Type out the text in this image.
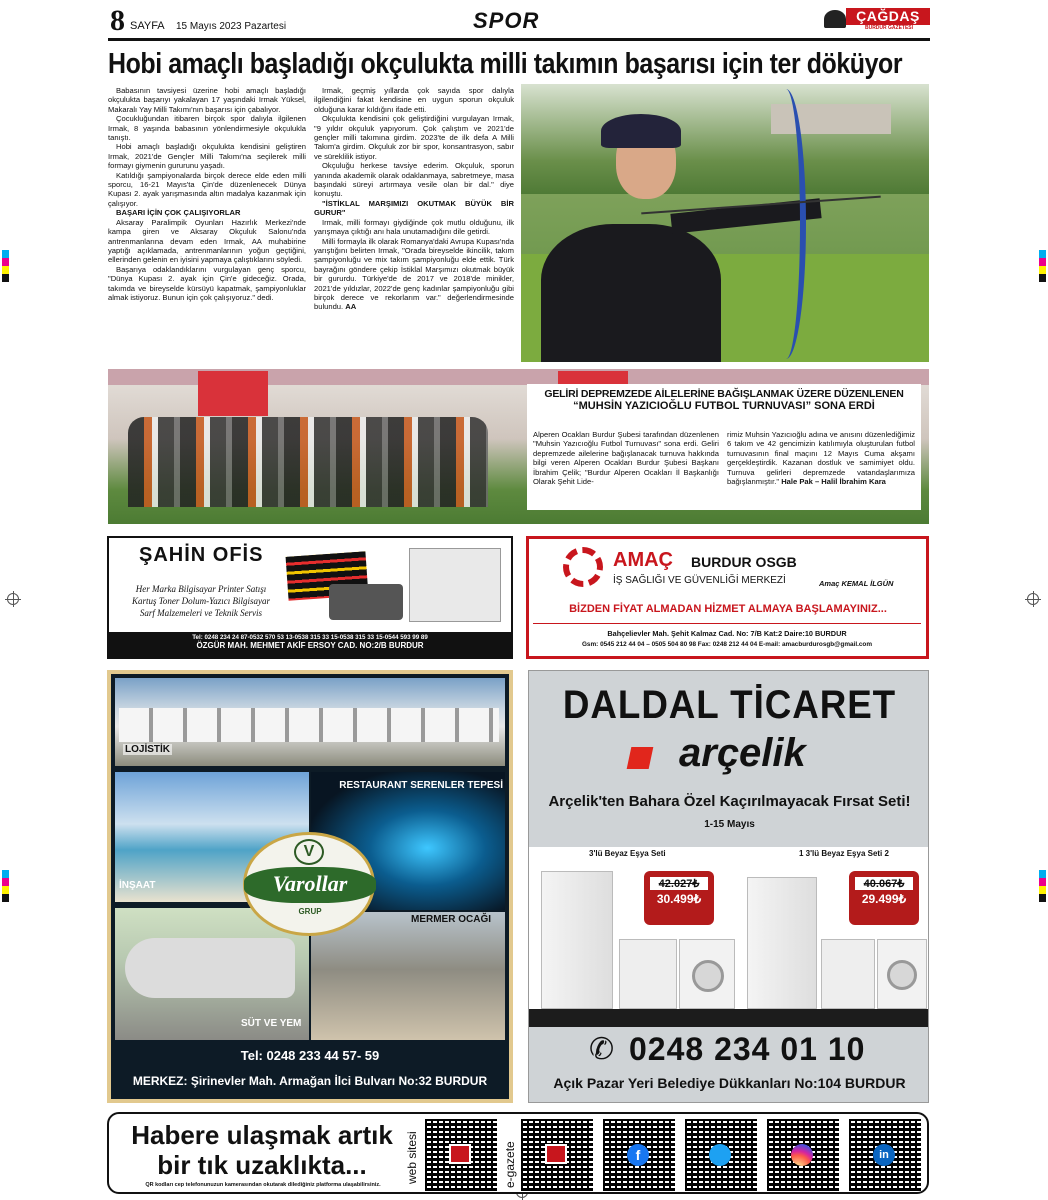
8 SAYFA 15 Mayıs 2023 Pazartesi	SPOR	ÇAĞDAŞ
BURDUR GAZETESİ
Hobi amaçlı başladığı okçulukta milli takımın başarısı için ter döküyor

Babasının tavsiyesi üzerine hobi amaçlı başladığı okçulukta başarıyı yakalayan 17 yaşındaki Irmak Yüksel, Makaralı Yay Milli Takımı'nın başarısı için çabalıyor.

Çocukluğundan itibaren birçok spor dalıyla ilgilenen Irmak, 8 yaşında babasının yönlendirmesiyle okçulukla tanıştı.

Hobi amaçlı başladığı okçulukta kendisini geliştiren Irmak, 2021'de Gençler Milli Takımı'na seçilerek milli formayı giymenin gururunu yaşadı.

Katıldığı şampiyonalarda birçok derece elde eden milli sporcu, 16-21 Mayıs'ta Çin'de düzenlenecek Dünya Kupası 2. ayak yarışmasında altın madalya kazanmak için çalışıyor.

BAŞARI İÇİN ÇOK ÇALIŞIYORLAR

Aksaray Paralimpik Oyunları Hazırlık Merkezi'nde kampa giren ve Aksaray Okçuluk Salonu'nda antrenmanlarına devam eden Irmak, AA muhabirine yaptığı açıklamada, antrenmanlarının yoğun geçtiğini, ellerinden gelenin en iyisini yapmaya çalıştıklarını söyledi.

Başarıya odaklandıklarını vurgulayan genç sporcu, "Dünya Kupası 2. ayak için Çin'e gideceğiz. Orada, takımda ve bireyselde kürsüyü kapatmak, şampiyonluklar almak istiyoruz. Bunun için çok çalışıyoruz." dedi.

Irmak, geçmiş yıllarda çok sayıda spor dalıyla ilgilendiğini fakat kendisine en uygun sporun okçuluk olduğuna karar kıldığını ifade etti.

Okçulukta kendisini çok geliştirdiğini vurgulayan Irmak, "9 yıldır okçuluk yapıyorum. Çok çalıştım ve 2021'de gençler milli takımına girdim. 2023'te de ilk defa A Milli Takım'a girdim. Okçuluk zor bir spor, konsantrasyon, sabır ve süreklilik istiyor.

Okçuluğu herkese tavsiye ederim. Okçuluk, sporun yanında akademik olarak odaklanmaya, sabretmeye, masa başındaki süreyi artırmaya vesile olan bir dal." diye konuştu.

"İSTİKLAL MARŞIMIZI OKUTMAK BÜYÜK BİR GURUR"

Irmak, milli formayı giydiğinde çok mutlu olduğunu, ilk yarışmaya çıktığı anı hala unutamadığını dile getirdi.

Milli formayla ilk olarak Romanya'daki Avrupa Kupası'nda yarıştığını belirten Irmak, "Orada bireyselde ikincilik, takım şampiyonluğu ve mix takım şampiyonluğu elde ettik. Türk bayrağını göndere çekip İstiklal Marşımızı okutmak büyük bir gururdu. Türkiye'de de 2017 ve 2018'de minikler, 2021'de yıldızlar, 2022'de genç kadınlar şampiyonluğu gibi birçok derece ve rekorlarım var." değerlendirmesinde bulundu. AA

GELİRİ DEPREMZEDE AİLELERİNE BAĞIŞLANMAK ÜZERE DÜZENLENEN
“MUHSİN YAZICIOĞLU FUTBOL TURNUVASI” SONA ERDİ
Alperen Ocakları Burdur Şubesi tarafından düzenlenen "Muhsin Yazıcıoğlu Futbol Turnuvası" sona erdi. Geliri depremzede ailelerine bağışlanacak turnuva hakkında bilgi veren Alperen Ocakları Burdur Şubesi Başkanı İbrahim Çelik; "Burdur Alperen Ocakları İl Başkanlığı Olarak Şehit Lide-
rimiz Muhsin Yazıcıoğlu adına ve anısını düzenlediğimiz 6 takım ve 42 gencimizin katılımıyla oluşturulan futbol turnuvasının final maçını 12 Mayıs Cuma akşamı gerçekleştirdik. Kazanan dostluk ve samimiyet oldu. Turnuva gelirleri depremzede vatandaşlarımıza bağışlanmıştır." Hale Pak – Halil İbrahim Kara
ŞAHİN OFİS
Her Marka Bilgisayar Printer Satışı
Kartuş Toner Dolum-Yazıcı Bilgisayar
Sarf Malzemeleri ve Teknik Servis
Tel: 0248 234 24 87-0532 570 53 13-0538 315 33 15-0538 315 33 15-0544 593 99 89
ÖZGÜR MAH. MEHMET AKİF ERSOY CAD. NO:2/B BURDUR
AMAÇ BURDUR OSGB
İŞ SAĞLIĞI VE GÜVENLİĞİ MERKEZİ	Amaç KEMAL İLGÜN
BİZDEN FİYAT ALMADAN HİZMET ALMAYA BAŞLAMAYINIZ...
Bahçelievler Mah. Şehit Kalmaz Cad. No: 7/B Kat:2 Daire:10 BURDUR
Gsm: 0545 212 44 04 – 0505 504 80 98 Fax: 0248 212 44 04 E-mail: amacburdurosgb@gmail.com
LOJİSTİK
RESTAURANT SERENLER TEPESİ
İNŞAAT
SÜT VE YEM
MERMER OCAĞI
V
Varollar
GRUP
Tel: 0248 233 44 57- 59
MERKEZ: Şirinevler Mah. Armağan İlci Bulvarı No:32 BURDUR
DALDAL TİCARET
arçelik
Arçelik'ten Bahara Özel Kaçırılmayacak Fırsat Seti!
1-15 Mayıs
3'lü Beyaz Eşya Seti	1 3'lü Beyaz Eşya Seti 2
42.027₺
30.499₺
40.067₺
29.499₺
✆ 0248 234 01 10
Açık Pazar Yeri Belediye Dükkanları No:104 BURDUR
Habere ulaşmak artık
bir tık uzaklıkta...
QR kodları cep telefonunuzun kamerasından okutarak dilediğiniz platforma ulaşabilirsiniz.
web sitesi	e-gazete	f	in
